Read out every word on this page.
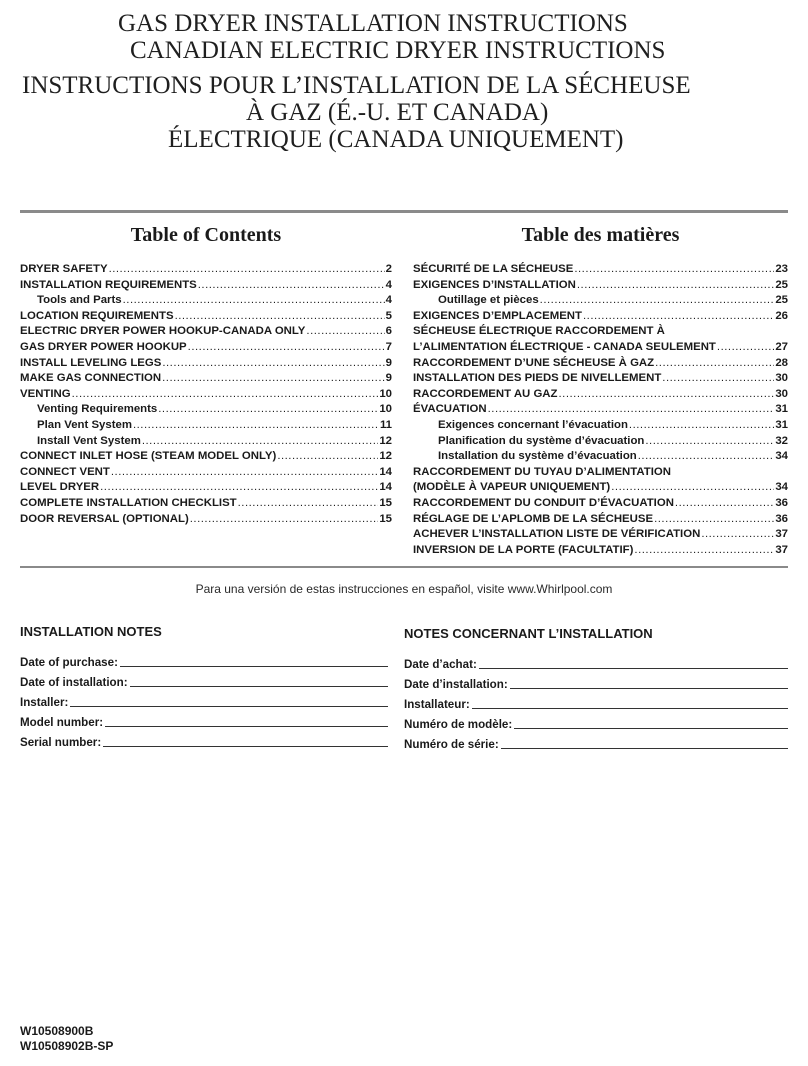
GAS DRYER INSTALLATION INSTRUCTIONS
CANADIAN ELECTRIC DRYER INSTRUCTIONS
INSTRUCTIONS POUR L’INSTALLATION DE LA SÉCHEUSE
À GAZ (É.-U. ET CANADA)
ÉLECTRIQUE (CANADA UNIQUEMENT)
Table of Contents
DRYER SAFETY .....	2
INSTALLATION REQUIREMENTS .....	4
Tools and Parts .....	4
LOCATION REQUIREMENTS .....	5
ELECTRIC DRYER POWER HOOKUP-CANADA ONLY .....	6
GAS DRYER POWER HOOKUP .....	7
INSTALL LEVELING LEGS .....	9
MAKE GAS CONNECTION .....	9
VENTING .....	10
Venting Requirements .....	10
Plan Vent System .....	11
Install Vent System .....	12
CONNECT INLET HOSE (STEAM MODEL ONLY) .....	12
CONNECT VENT .....	14
LEVEL DRYER .....	14
COMPLETE INSTALLATION CHECKLIST .....	15
DOOR REVERSAL (OPTIONAL) .....	15
Table des matières
SÉCURITÉ DE LA SÉCHEUSE .....	23
EXIGENCES D’INSTALLATION .....	25
Outillage et pièces .....	25
EXIGENCES D’EMPLACEMENT .....	26
SÉCHEUSE ÉLECTRIQUE RACCORDEMENT À
L’ALIMENTATION ÉLECTRIQUE - CANADA SEULEMENT .....	27
RACCORDEMENT D’UNE SÉCHEUSE À GAZ .....	28
INSTALLATION DES PIEDS DE NIVELLEMENT .....	30
RACCORDEMENT AU GAZ .....	30
ÉVACUATION .....	31
Exigences concernant l’évacuation .....	31
Planification du système d’évacuation .....	32
Installation du système d’évacuation .....	34
RACCORDEMENT DU TUYAU D’ALIMENTATION
(MODÈLE À VAPEUR UNIQUEMENT) .....	34
RACCORDEMENT DU CONDUIT D’ÉVACUATION .....	36
RÉGLAGE DE L’APLOMB DE LA SÉCHEUSE .....	36
ACHEVER L’INSTALLATION LISTE DE VÉRIFICATION .....	37
INVERSION DE LA PORTE (FACULTATIF) .....	37
Para una versión de estas instrucciones en español, visite www.Whirlpool.com
INSTALLATION NOTES
Date of purchase:
Date of installation:
Installer:
Model number:
Serial number:
NOTES CONCERNANT L’INSTALLATION
Date d’achat:
Date d’installation:
Installateur:
Numéro de modèle:
Numéro de série:
W10508900B
W10508902B-SP
